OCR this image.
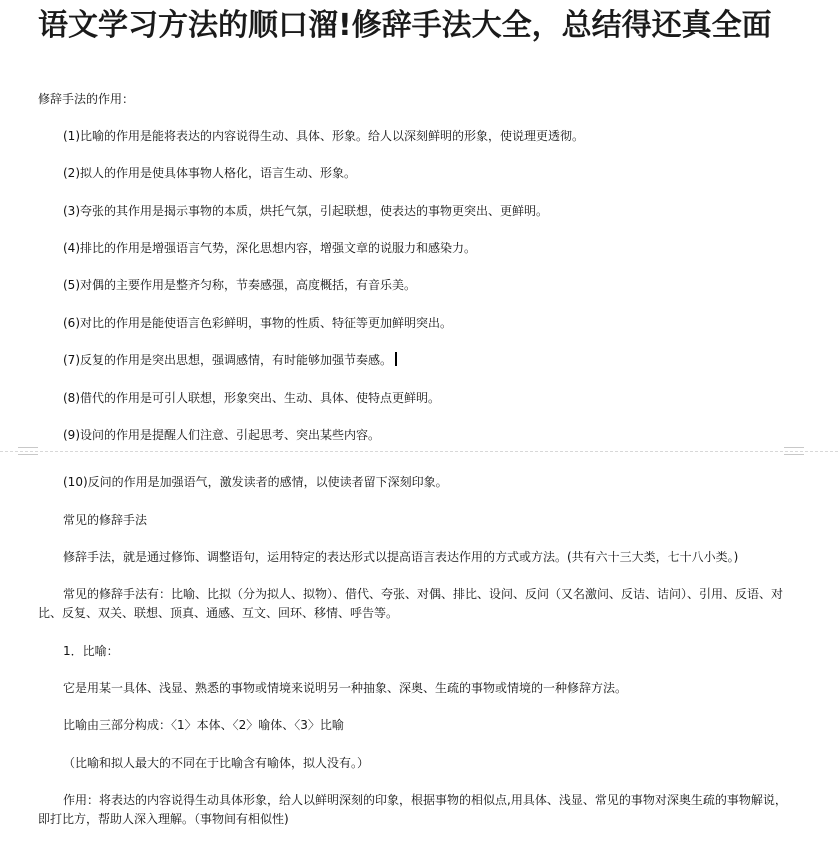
语文学习方法的顺口溜!修辞手法大全，总结得还真全面
修辞手法的作用：
(1)比喻的作用是能将表达的内容说得生动、具体、形象。给人以深刻鲜明的形象，使说理更透彻。
(2)拟人的作用是使具体事物人格化，语言生动、形象。
(3)夸张的其作用是揭示事物的本质，烘托气氛，引起联想，使表达的事物更突出、更鲜明。
(4)排比的作用是增强语言气势，深化思想内容，增强文章的说服力和感染力。
(5)对偶的主要作用是整齐匀称，节奏感强，高度概括，有音乐美。
(6)对比的作用是能使语言色彩鲜明，事物的性质、特征等更加鲜明突出。
(7)反复的作用是突出思想，强调感情，有时能够加强节奏感。
(8)借代的作用是可引人联想，形象突出、生动、具体、使特点更鲜明。
(9)设问的作用是提醒人们注意、引起思考、突出某些内容。
(10)反问的作用是加强语气，激发读者的感情，以使读者留下深刻印象。
常见的修辞手法
修辞手法，就是通过修饰、调整语句，运用特定的表达形式以提高语言表达作用的方式或方法。(共有六十三大类，七十八小类。)
常见的修辞手法有：比喻、比拟（分为拟人、拟物）、借代、夸张、对偶、排比、设问、反问（又名激问、反诘、诘问）、引用、反语、对比、反复、双关、联想、顶真、通感、互文、回环、移情、呼告等。
1．比喻：
它是用某一具体、浅显、熟悉的事物或情境来说明另一种抽象、深奥、生疏的事物或情境的一种修辞方法。
比喻由三部分构成：〈1〉本体、〈2〉喻体、〈3〉比喻
（比喻和拟人最大的不同在于比喻含有喻体，拟人没有。）
作用：将表达的内容说得生动具体形象，给人以鲜明深刻的印象，根据事物的相似点,用具体、浅显、常见的事物对深奥生疏的事物解说，即打比方，帮助人深入理解。（事物间有相似性)
